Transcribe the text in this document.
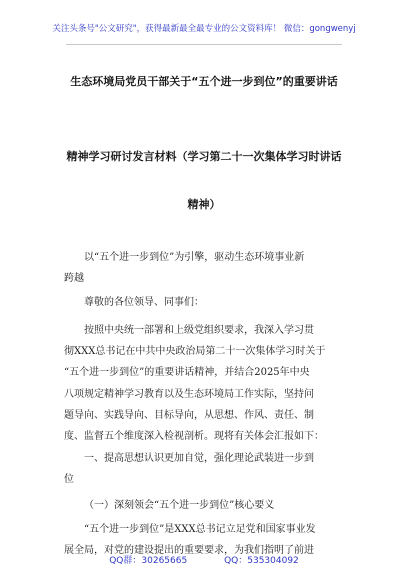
关注头条号"公文研究"，获得最新最全最专业的公文资料库！ 微信：gongwenyj
生态环境局党员干部关于“五个进一步到位”的重要讲话
精神学习研讨发言材料（学习第二十一次集体学习时讲话
精神）
以“五个进一步到位”为引擎，驱动生态环境事业新
跨越
尊敬的各位领导、同事们：
按照中央统一部署和上级党组织要求，我深入学习贯
彻XXX总书记在中共中央政治局第二十一次集体学习时关于
“五个进一步到位”的重要讲话精神，并结合2025年中央
八项规定精神学习教育以及生态环境局工作实际，坚持问
题导向、实践导向、目标导向，从思想、作风、责任、制
度、监督五个维度深入检视剖析。现将有关体会汇报如下：
一、提高思想认识更加自觉，强化理论武装进一步到
位
（一）深刻领会“五个进一步到位”核心要义
“五个进一步到位”是XXX总书记立足党和国家事业发
展全局，对党的建设提出的重要要求，为我们指明了前进
QQ群：30265665	QQ：535304092
